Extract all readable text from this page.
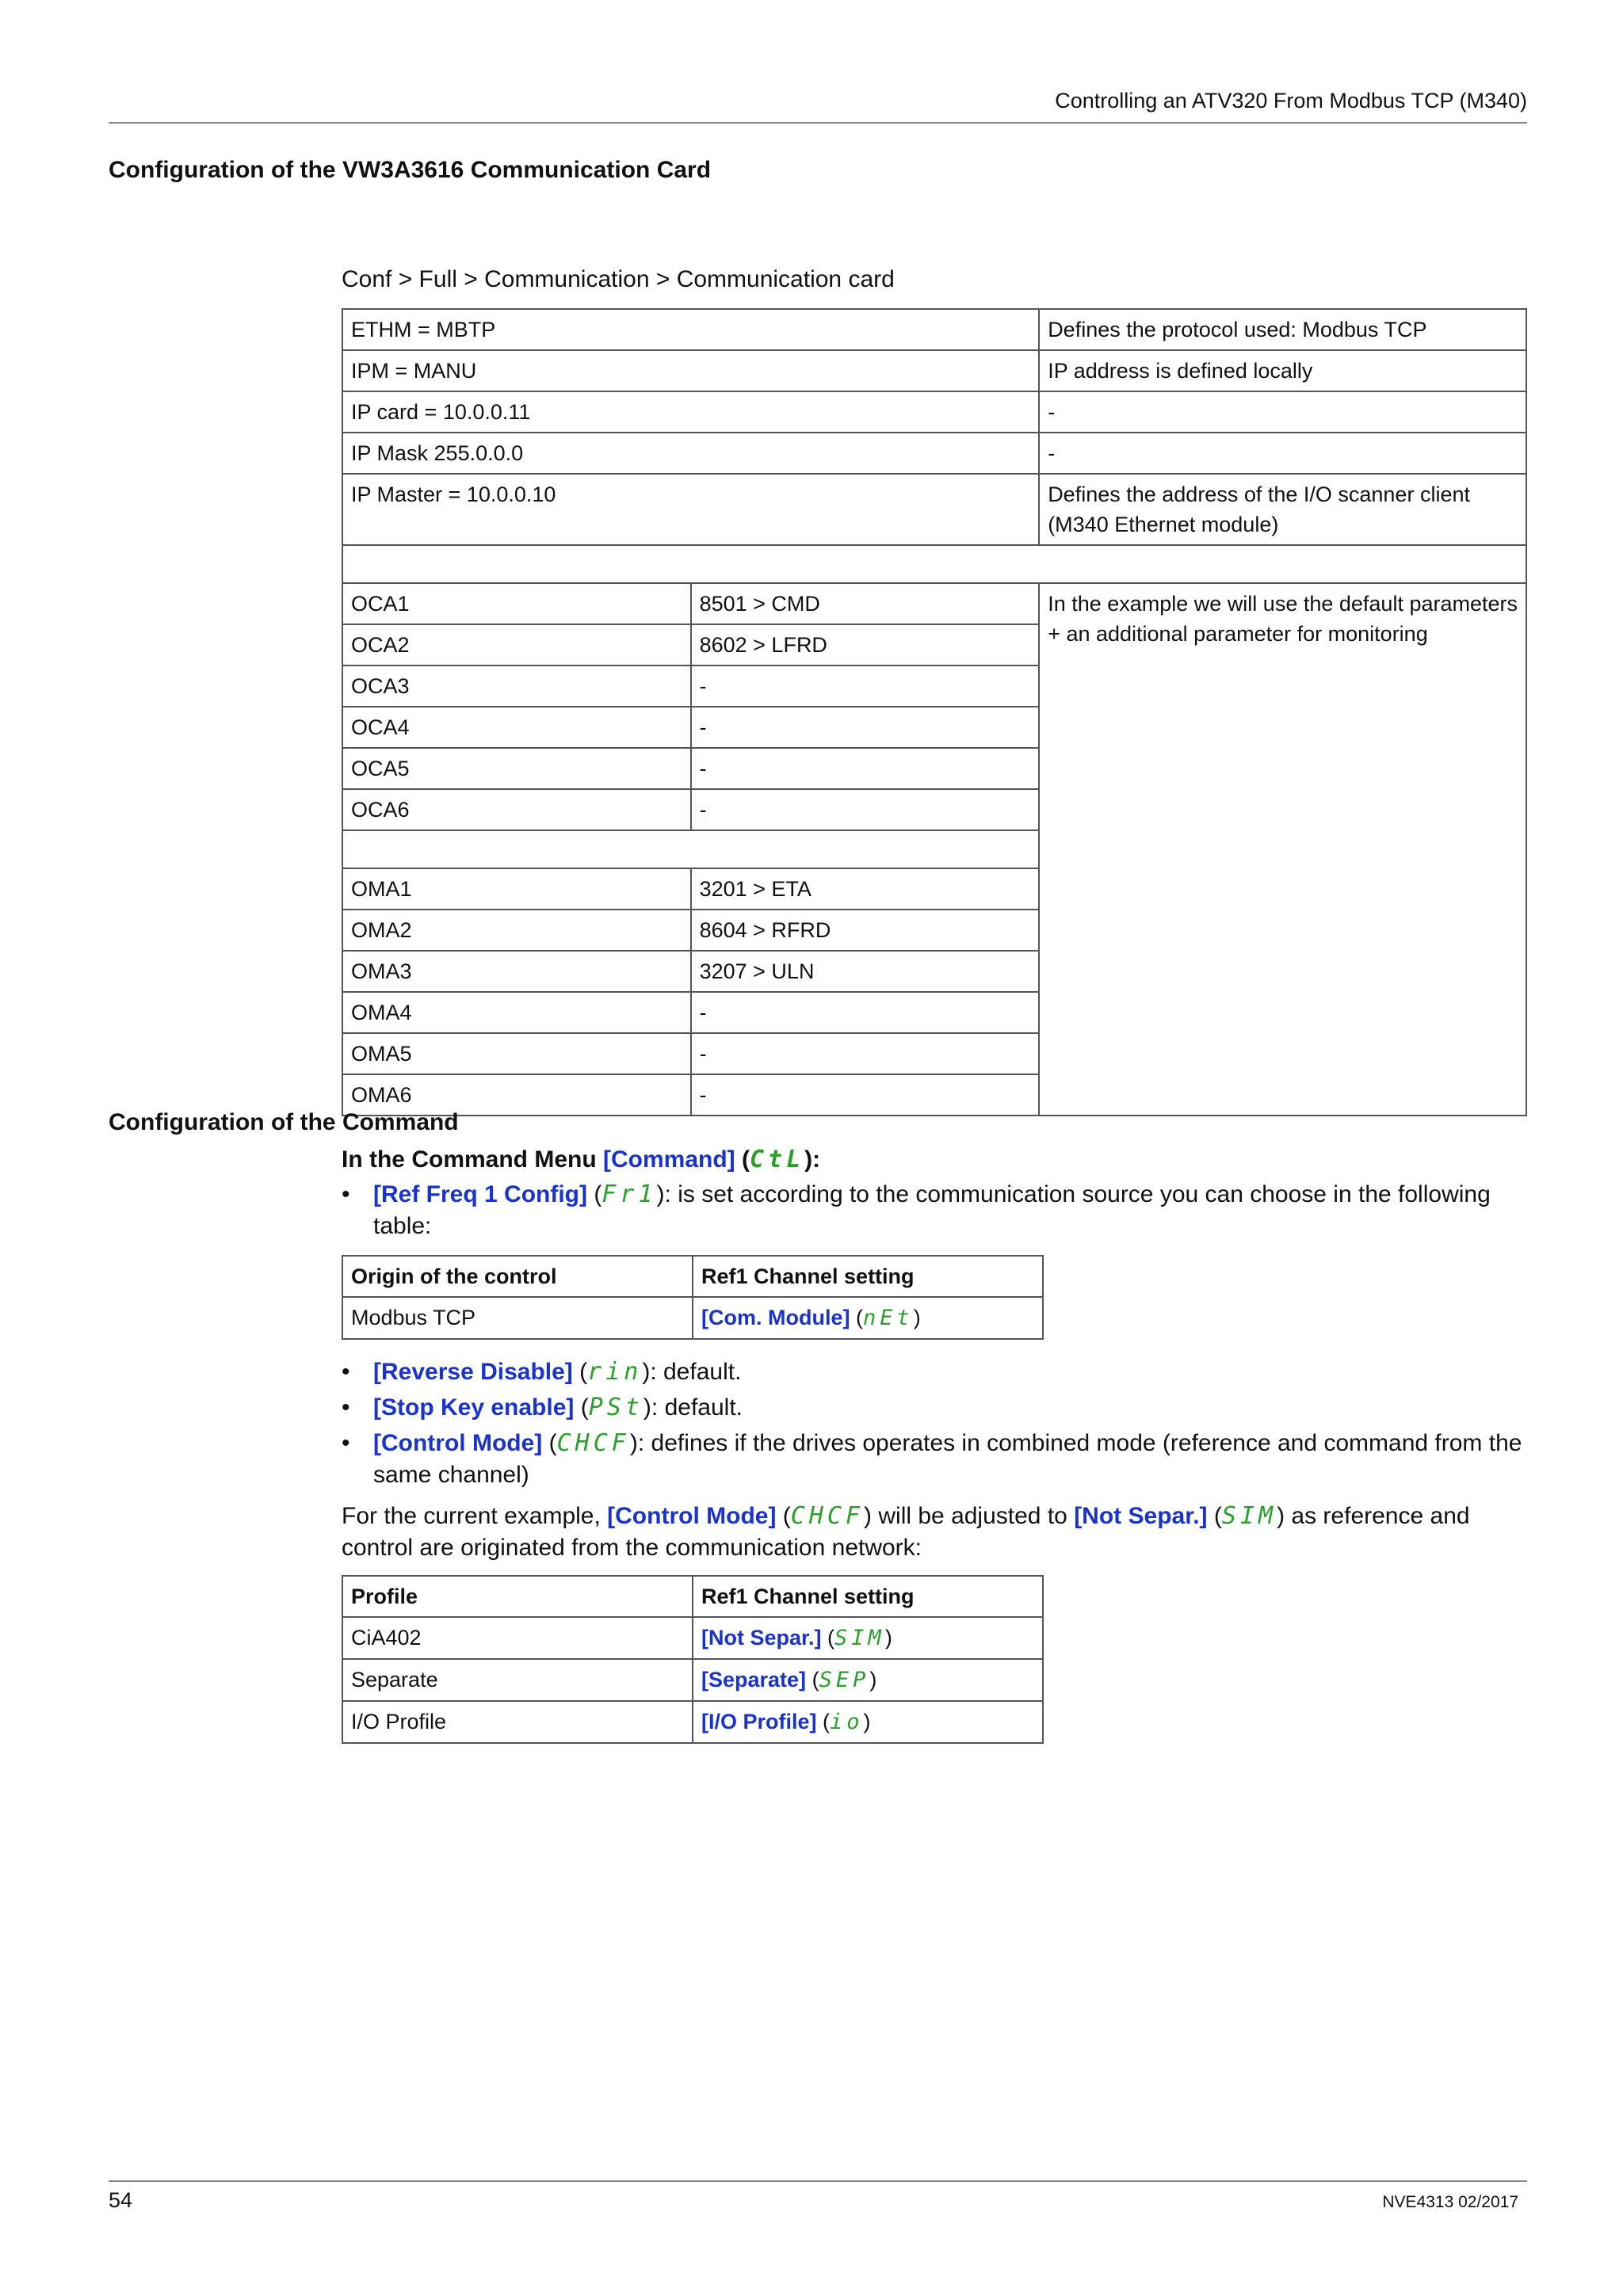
Controlling an ATV320 From Modbus TCP (M340)
Configuration of the VW3A3616 Communication Card
Conf > Full > Communication > Communication card
ETHM = MBTP		Defines the protocol used: Modbus TCP
IPM = MANU		IP address is defined locally
IP card = 10.0.0.11		-
IP Mask 255.0.0.0		-
IP Master = 10.0.0.10		Defines the address of the I/O scanner client (M340 Ethernet module)

OCA1	8501 > CMD	In the example we will use the default parameters + an additional parameter for monitoring
OCA2	8602 > LFRD	
OCA3	-	
OCA4	-	
OCA5	-	
OCA6	-	

OMA1	3201 > ETA	
OMA2	8604 > RFRD	
OMA3	3207 > ULN	
OMA4	-	
OMA5	-	
OMA6	-	
Configuration of the Command
In the Command Menu [Command] (CtL):
• [Ref Freq 1 Config] (Fr1): is set according to the communication source you can choose in the following table:
Origin of the control	Ref1 Channel setting
Modbus TCP	[Com. Module] (nEt)
• [Reverse Disable] (rin): default.
• [Stop Key enable] (PSt): default.
• [Control Mode] (CHCF): defines if the drives operates in combined mode (reference and command from the same channel)
For the current example, [Control Mode] (CHCF) will be adjusted to [Not Separ.] (SIM) as reference and control are originated from the communication network:
Profile	Ref1 Channel setting
CiA402	[Not Separ.] (SIM)
Separate	[Separate] (SEP)
I/O Profile	[I/O Profile] (io)
54	NVE4313 02/2017
